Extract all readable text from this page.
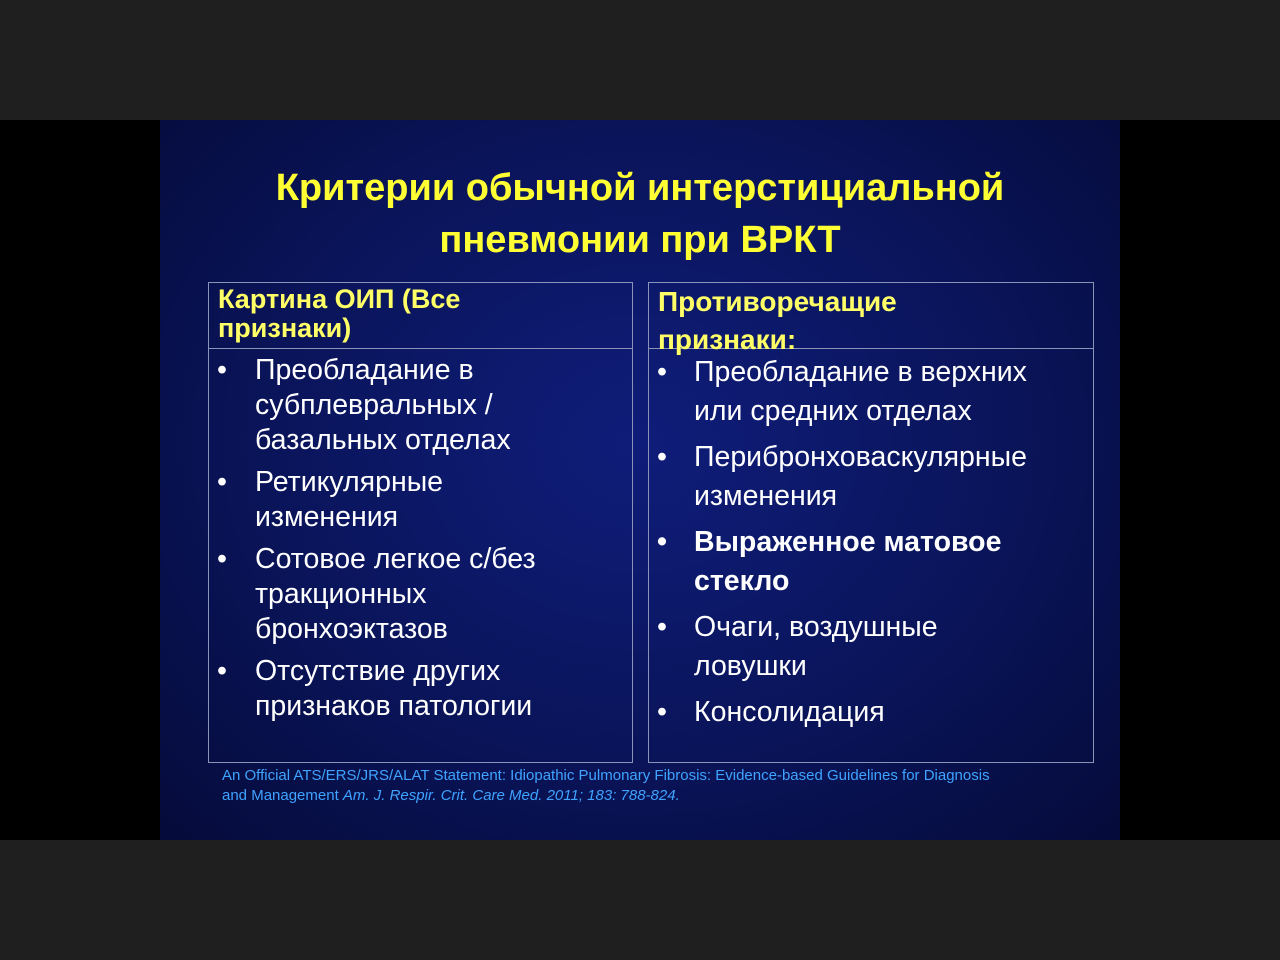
Критерии обычной интерстициальной
пневмонии при ВРКТ
Картина ОИП (Все
признаки)
• Преобладание в
субплевральных /
базальных отделах
• Ретикулярные
изменения
• Сотовое легкое с/без
тракционных
бронхоэктазов
• Отсутствие других
признаков патологии
Противоречащие
признаки:
• Преобладание в верхних
или средних отделах
• Перибронховаскулярные
изменения
• Выраженное матовое
стекло
• Очаги, воздушные
ловушки
• Консолидация
An Official ATS/ERS/JRS/ALAT Statement: Idiopathic Pulmonary Fibrosis: Evidence-based Guidelines for Diagnosis
and Management Am. J. Respir. Crit. Care Med. 2011; 183: 788-824.
